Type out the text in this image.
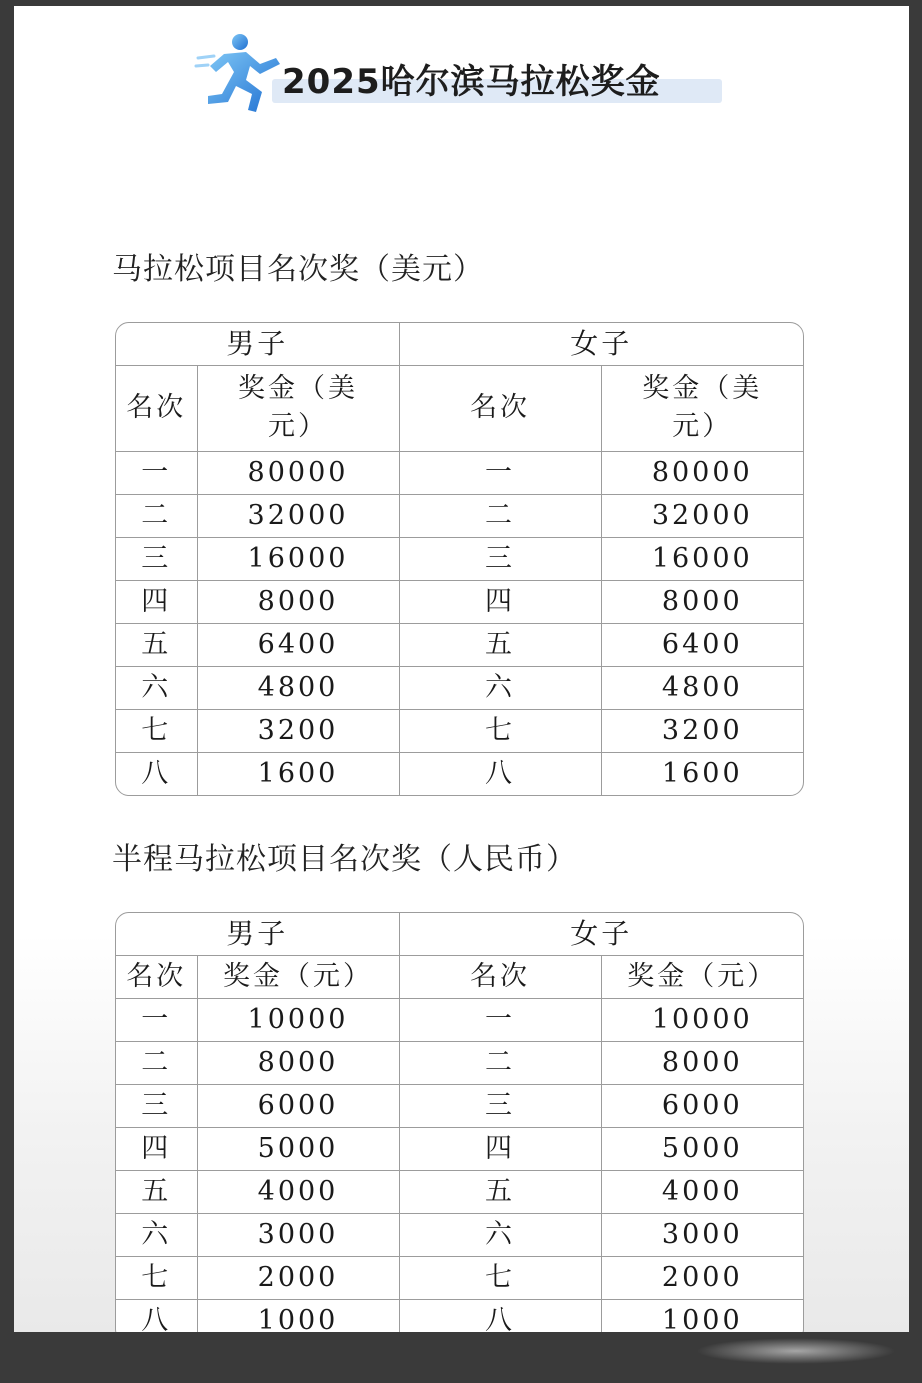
2025哈尔滨马拉松奖金
马拉松项目名次奖（美元）
男子		女子	
名次	奖金（美元）	名次	奖金（美元）
一	80000	一	80000
二	32000	二	32000
三	16000	三	16000
四	8000	四	8000
五	6400	五	6400
六	4800	六	4800
七	3200	七	3200
八	1600	八	1600
半程马拉松项目名次奖（人民币）
男子		女子	
名次	奖金（元）	名次	奖金（元）
一	10000	一	10000
二	8000	二	8000
三	6000	三	6000
四	5000	四	5000
五	4000	五	4000
六	3000	六	3000
七	2000	七	2000
八	1000	八	1000
